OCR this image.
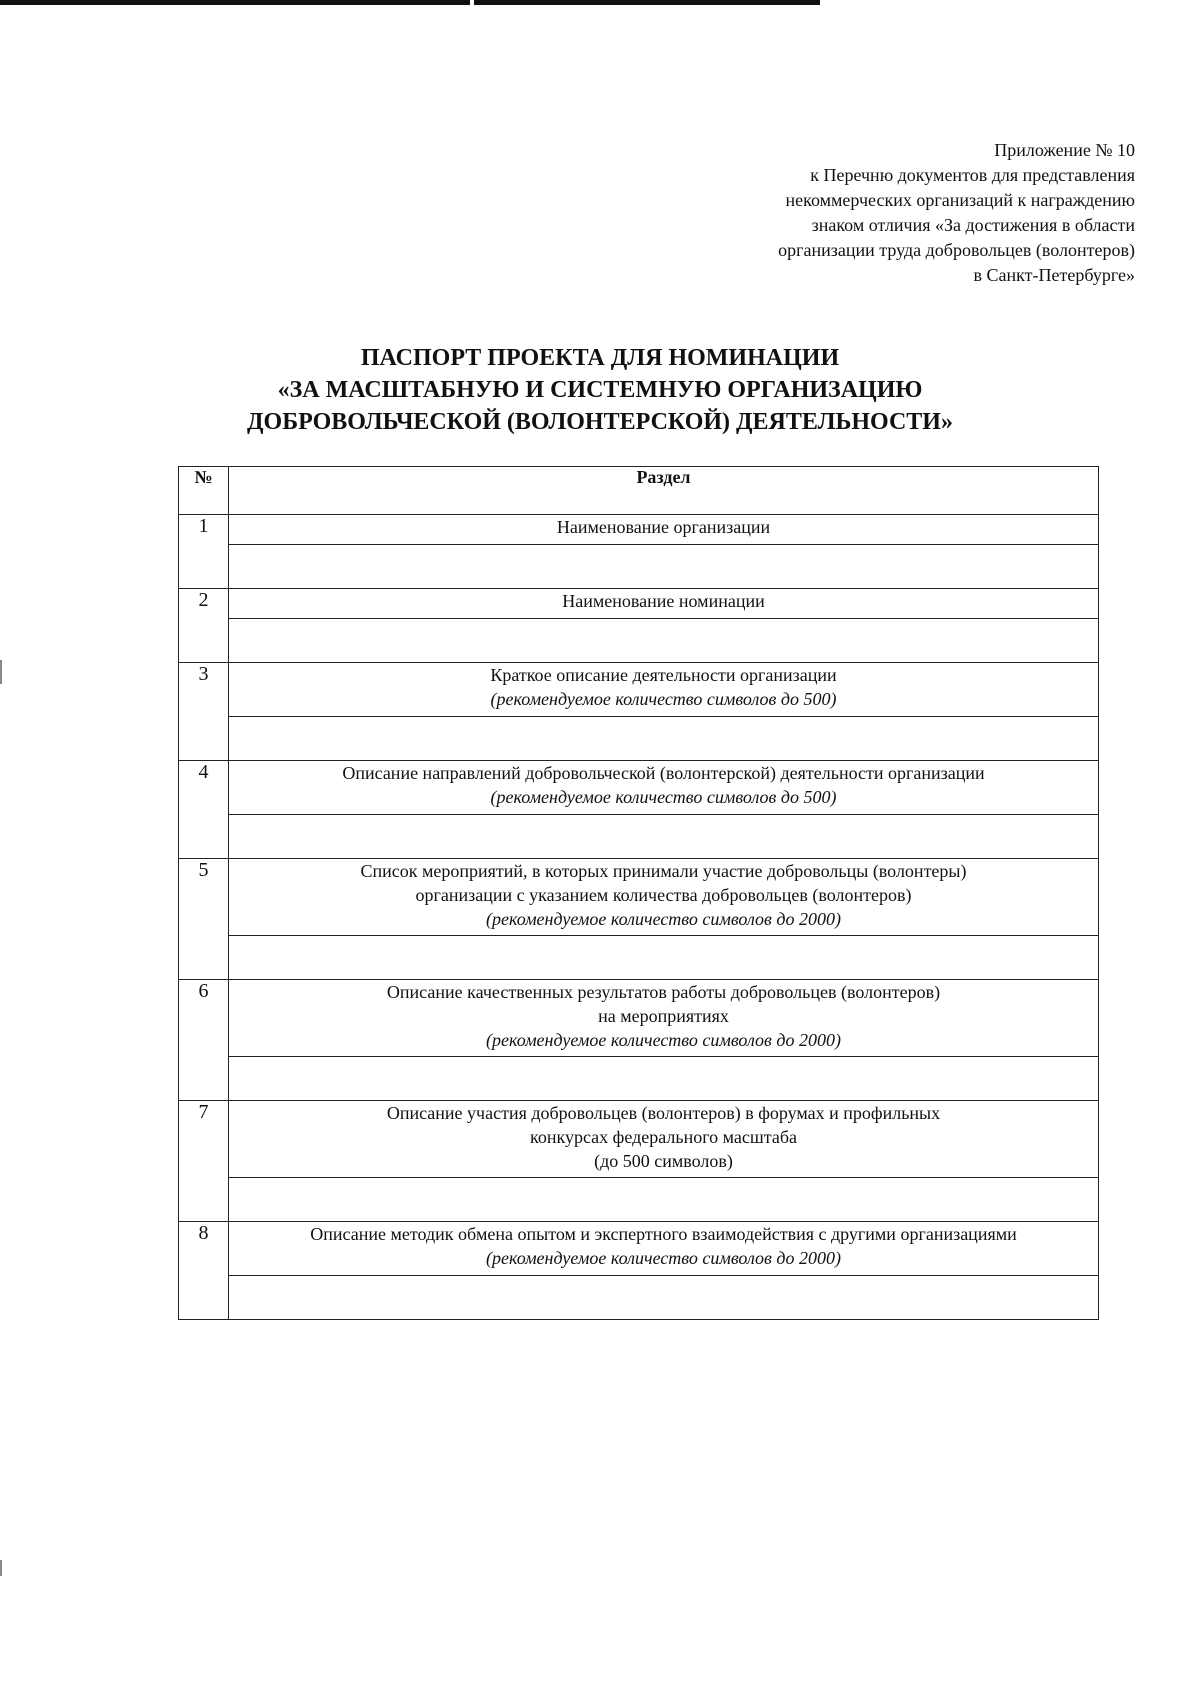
Приложение № 10
к Перечню документов для представления
некоммерческих организаций к награждению
знаком отличия «За достижения в области
организации труда добровольцев (волонтеров)
в Санкт-Петербурге»
ПАСПОРТ ПРОЕКТА ДЛЯ НОМИНАЦИИ
«ЗА МАСШТАБНУЮ И СИСТЕМНУЮ ОРГАНИЗАЦИЮ
ДОБРОВОЛЬЧЕСКОЙ (ВОЛОНТЕРСКОЙ) ДЕЯТЕЛЬНОСТИ»
№	Раздел
1	Наименование организации

2	Наименование номинации

3	Краткое описание деятельности организации
(рекомендуемое количество символов до 500)

4	Описание направлений добровольческой (волонтерской) деятельности организации
(рекомендуемое количество символов до 500)

5	Список мероприятий, в которых принимали участие добровольцы (волонтеры)
организации с указанием количества добровольцев (волонтеров)
(рекомендуемое количество символов до 2000)

6	Описание качественных результатов работы добровольцев (волонтеров)
на мероприятиях
(рекомендуемое количество символов до 2000)

7	Описание участия добровольцев (волонтеров) в форумах и профильных
конкурсах федерального масштаба
(до 500 символов)

8	Описание методик обмена опытом и экспертного взаимодействия с другими организациями
(рекомендуемое количество символов до 2000)
